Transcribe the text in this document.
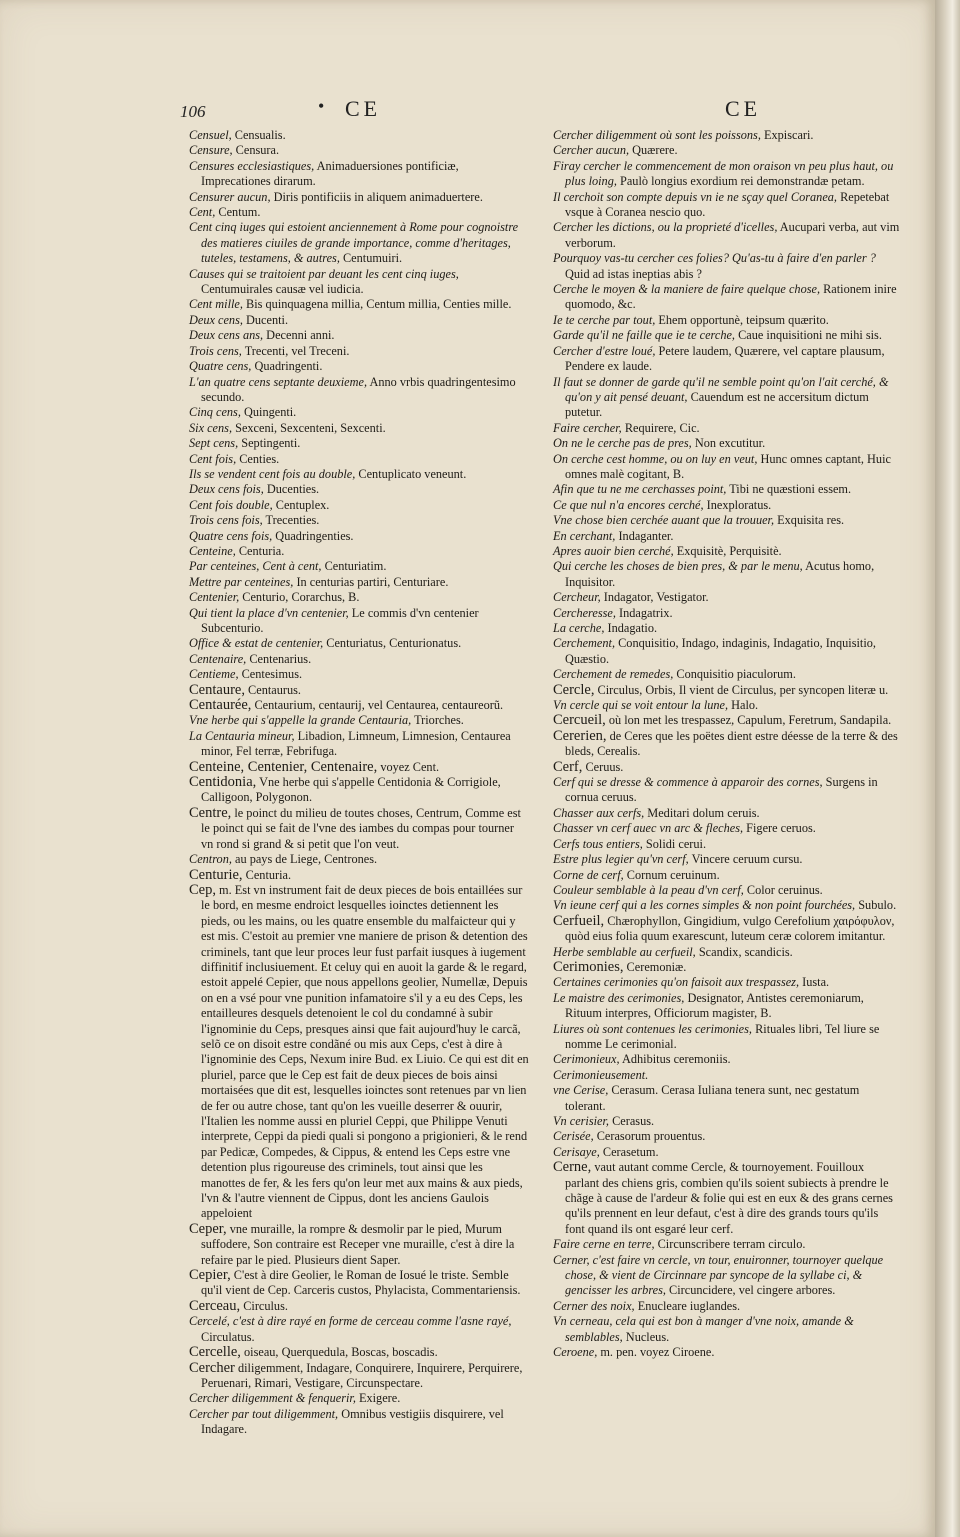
106	• CE	CE

Censuel, Censualis.

Censure, Censura.

Censures ecclesiastiques, Animaduersiones pontificiæ, Imprecationes dirarum.

Censurer aucun, Diris pontificiis in aliquem animaduertere.

Cent, Centum.

Cent cinq iuges qui estoient anciennement à Rome pour cognoistre des matieres ciuiles de grande importance, comme d'heritages, tuteles, testamens, & autres, Centumuiri.

Causes qui se traitoient par deuant les cent cinq iuges, Centumuirales causæ vel iudicia.

Cent mille, Bis quinquagena millia, Centum millia, Centies mille.

Deux cens, Ducenti.

Deux cens ans, Decenni anni.

Trois cens, Trecenti, vel Treceni.

Quatre cens, Quadringenti.

L'an quatre cens septante deuxieme, Anno vrbis quadringentesimo secundo.

Cinq cens, Quingenti.

Six cens, Sexceni, Sexcenteni, Sexcenti.

Sept cens, Septingenti.

Cent fois, Centies.

Ils se vendent cent fois au double, Centuplicato veneunt.

Deux cens fois, Ducenties.

Cent fois double, Centuplex.

Trois cens fois, Trecenties.

Quatre cens fois, Quadringenties.

Centeine, Centuria.

Par centeines, Cent à cent, Centuriatim.

Mettre par centeines, In centurias partiri, Centuriare.

Centenier, Centurio, Corarchus, B.

Qui tient la place d'vn centenier, Le commis d'vn centenier Subcenturio.

Office & estat de centenier, Centuriatus, Centurionatus.

Centenaire, Centenarius.

Centieme, Centesimus.

Centaure, Centaurus.

Centaurée, Centaurium, centaurij, vel Centaurea, centaureorũ.

Vne herbe qui s'appelle la grande Centauria, Triorches.

La Centauria mineur, Libadion, Limneum, Limnesion, Centaurea minor, Fel terræ, Febrifuga.

Centeine, Centenier, Centenaire, voyez Cent.

Centidonia, Vne herbe qui s'appelle Centidonia & Corrigiole, Calligoon, Polygonon.

Centre, le poinct du milieu de toutes choses, Centrum, Comme est le poinct qui se fait de l'vne des iambes du compas pour tourner vn rond si grand & si petit que l'on veut.

Centron, au pays de Liege, Centrones.

Centurie, Centuria.

Cep, m. Est vn instrument fait de deux pieces de bois entaillées sur le bord, en mesme endroict lesquelles ioinctes detiennent les pieds, ou les mains, ou les quatre ensemble du malfaicteur qui y est mis. C'estoit au premier vne maniere de prison & detention des criminels, tant que leur proces leur fust parfait iusques à iugement diffinitif inclusiuement. Et celuy qui en auoit la garde & le regard, estoit appelé Cepier, que nous appellons geolier, Numellæ, Depuis on en a vsé pour vne punition infamatoire s'il y a eu des Ceps, les entailleures desquels detenoient le col du condamné à subir l'ignominie du Ceps, presques ainsi que fait aujourd'huy le carcã, selõ ce on disoit estre condãné ou mis aux Ceps, c'est à dire à l'ignominie des Ceps, Nexum inire Bud. ex Liuio. Ce qui est dit en pluriel, parce que le Cep est fait de deux pieces de bois ainsi mortaisées que dit est, lesquelles ioinctes sont retenues par vn lien de fer ou autre chose, tant qu'on les vueille deserrer & ouurir, l'Italien les nomme aussi en pluriel Ceppi, que Philippe Venuti interprete, Ceppi da piedi quali si pongono a prigionieri, & le rend par Pedicæ, Compedes, & Cippus, & entend les Ceps estre vne detention plus rigoureuse des criminels, tout ainsi que les manottes de fer, & les fers qu'on leur met aux mains & aux pieds, l'vn & l'autre viennent de Cippus, dont les anciens Gaulois appeloient

Ceper, vne muraille, la rompre & desmolir par le pied, Murum suffodere, Son contraire est Receper vne muraille, c'est à dire la refaire par le pied. Plusieurs dient Saper.

Cepier, C'est à dire Geolier, le Roman de Iosué le triste. Semble qu'il vient de Cep. Carceris custos, Phylacista, Commentariensis.

Cerceau, Circulus.

Cercelé, c'est à dire rayé en forme de cerceau comme l'asne rayé, Circulatus.

Cercelle, oiseau, Querquedula, Boscas, boscadis.

Cercher diligemment, Indagare, Conquirere, Inquirere, Perquirere, Peruenari, Rimari, Vestigare, Circunspectare.

Cercher diligemment & fenquerir, Exigere.

Cercher par tout diligemment, Omnibus vestigiis disquirere, vel Indagare.

Cercher diligemment où sont les poissons, Expiscari.

Cercher aucun, Quærere.

Firay cercher le commencement de mon oraison vn peu plus haut, ou plus loing, Paulò longius exordium rei demonstrandæ petam.

Il cerchoit son compte depuis vn ie ne sçay quel Coranea, Repetebat vsque à Coranea nescio quo.

Cercher les dictions, ou la proprieté d'icelles, Aucupari verba, aut vim verborum.

Pourquoy vas-tu cercher ces folies? Qu'as-tu à faire d'en parler ? Quid ad istas ineptias abis ?

Cerche le moyen & la maniere de faire quelque chose, Rationem inire quomodo, &c.

Ie te cerche par tout, Ehem opportunè, teipsum quærito.

Garde qu'il ne faille que ie te cerche, Caue inquisitioni ne mihi sis.

Cercher d'estre loué, Petere laudem, Quærere, vel captare plausum, Pendere ex laude.

Il faut se donner de garde qu'il ne semble point qu'on l'ait cerché, & qu'on y ait pensé deuant, Cauendum est ne accersitum dictum putetur.

Faire cercher, Requirere, Cic.

On ne le cerche pas de pres, Non excutitur.

On cerche cest homme, ou on luy en veut, Hunc omnes captant, Huic omnes malè cogitant, B.

Afin que tu ne me cerchasses point, Tibi ne quæstioni essem.

Ce que nul n'a encores cerché, Inexploratus.

Vne chose bien cerchée auant que la trouuer, Exquisita res.

En cerchant, Indaganter.

Apres auoir bien cerché, Exquisitè, Perquisitè.

Qui cerche les choses de bien pres, & par le menu, Acutus homo, Inquisitor.

Cercheur, Indagator, Vestigator.

Cercheresse, Indagatrix.

La cerche, Indagatio.

Cerchement, Conquisitio, Indago, indaginis, Indagatio, Inquisitio, Quæstio.

Cerchement de remedes, Conquisitio piaculorum.

Cercle, Circulus, Orbis, Il vient de Circulus, per syncopen literæ u.

Vn cercle qui se voit entour la lune, Halo.

Cercueil, où lon met les trespassez, Capulum, Feretrum, Sandapila.

Cererien, de Ceres que les poëtes dient estre déesse de la terre & des bleds, Cerealis.

Cerf, Ceruus.

Cerf qui se dresse & commence à apparoir des cornes, Surgens in cornua ceruus.

Chasser aux cerfs, Meditari dolum ceruis.

Chasser vn cerf auec vn arc & fleches, Figere ceruos.

Cerfs tous entiers, Solidi cerui.

Estre plus legier qu'vn cerf, Vincere ceruum cursu.

Corne de cerf, Cornum ceruinum.

Couleur semblable à la peau d'vn cerf, Color ceruinus.

Vn ieune cerf qui a les cornes simples & non point fourchées, Subulo.

Cerfueil, Chærophyllon, Gingidium, vulgo Cerefolium χαιρόφυλον, quòd eius folia quum exarescunt, luteum ceræ colorem imitantur.

Herbe semblable au cerfueil, Scandix, scandicis.

Cerimonies, Ceremoniæ.

Certaines cerimonies qu'on faisoit aux trespassez, Iusta.

Le maistre des cerimonies, Designator, Antistes ceremoniarum, Rituum interpres, Officiorum magister, B.

Liures où sont contenues les cerimonies, Rituales libri, Tel liure se nomme Le cerimonial.

Cerimonieux, Adhibitus ceremoniis.

Cerimonieusement.

vne Cerise, Cerasum. Cerasa Iuliana tenera sunt, nec gestatum tolerant.

Vn cerisier, Cerasus.

Cerisée, Cerasorum prouentus.

Cerisaye, Cerasetum.

Cerne, vaut autant comme Cercle, & tournoyement. Fouilloux parlant des chiens gris, combien qu'ils soient subiects à prendre le chãge à cause de l'ardeur & folie qui est en eux & des grans cernes qu'ils prennent en leur defaut, c'est à dire des grands tours qu'ils font quand ils ont esgaré leur cerf.

Faire cerne en terre, Circunscribere terram circulo.

Cerner, c'est faire vn cercle, vn tour, enuironner, tournoyer quelque chose, & vient de Circinnare par syncope de la syllabe ci, & gencisser les arbres, Circuncidere, vel cingere arbores.

Cerner des noix, Enucleare iuglandes.

Vn cerneau, cela qui est bon à manger d'vne noix, amande & semblables, Nucleus.

Ceroene, m. pen. voyez Ciroene.
